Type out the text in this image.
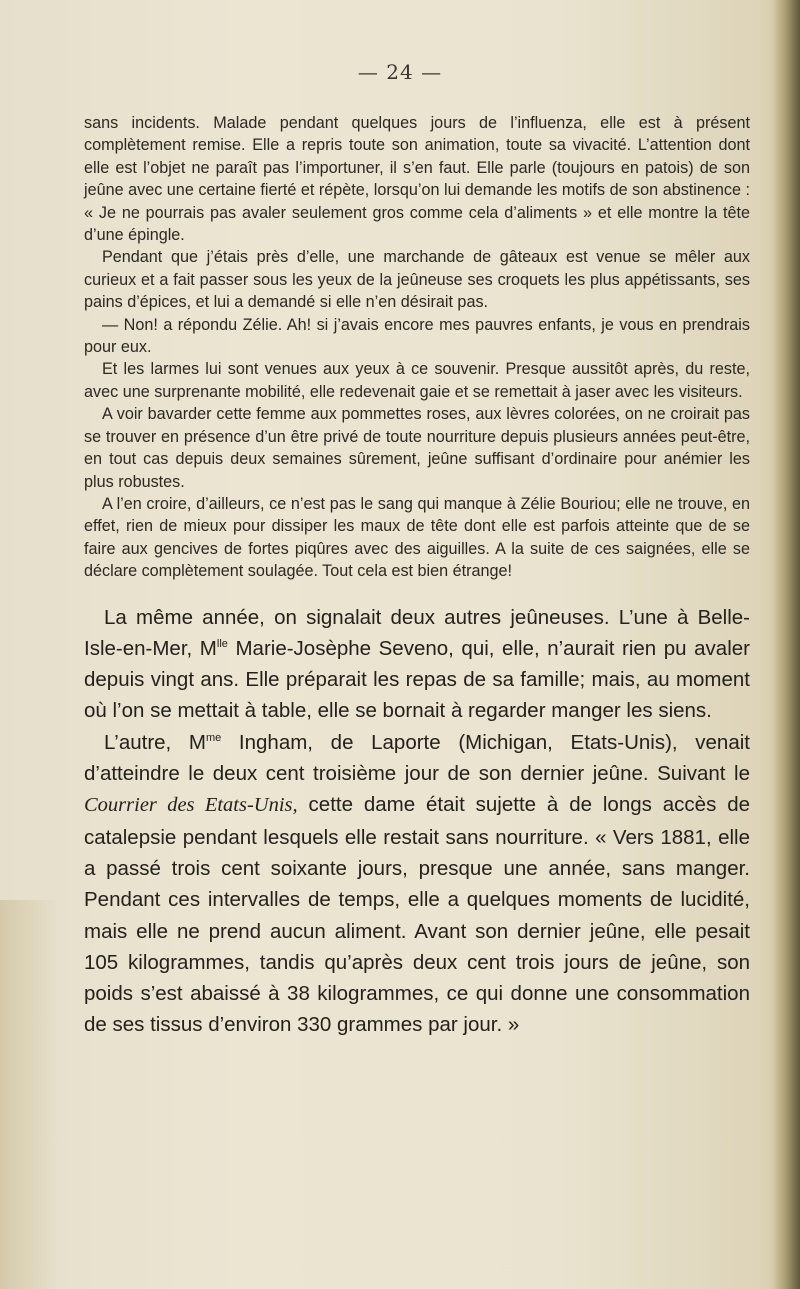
— 24 —

sans incidents. Malade pendant quelques jours de l’influenza, elle est à présent complètement remise. Elle a repris toute son animation, toute sa vivacité. L’attention dont elle est l’objet ne paraît pas l’importuner, il s’en faut. Elle parle (toujours en patois) de son jeûne avec une certaine fierté et répète, lorsqu’on lui demande les motifs de son abstinence : « Je ne pourrais pas avaler seulement gros comme cela d’aliments » et elle montre la tête d’une épingle.

Pendant que j’étais près d’elle, une marchande de gâteaux est venue se mêler aux curieux et a fait passer sous les yeux de la jeûneuse ses croquets les plus appétissants, ses pains d’épices, et lui a demandé si elle n’en désirait pas.

— Non! a répondu Zélie. Ah! si j’avais encore mes pauvres enfants, je vous en prendrais pour eux.

Et les larmes lui sont venues aux yeux à ce souvenir. Presque aussitôt après, du reste, avec une surprenante mobilité, elle redevenait gaie et se remettait à jaser avec les visiteurs.

A voir bavarder cette femme aux pommettes roses, aux lèvres colorées, on ne croirait pas se trouver en présence d’un être privé de toute nourriture depuis plusieurs années peut-être, en tout cas depuis deux semaines sûrement, jeûne suffisant d’ordinaire pour anémier les plus robustes.

A l’en croire, d’ailleurs, ce n’est pas le sang qui manque à Zélie Bouriou; elle ne trouve, en effet, rien de mieux pour dissiper les maux de tête dont elle est parfois atteinte que de se faire aux gencives de fortes piqûres avec des aiguilles. A la suite de ces saignées, elle se déclare complètement soulagée. Tout cela est bien étrange!

La même année, on signalait deux autres jeûneuses. L’une à Belle-Isle-en-Mer, $M^{lle}$ Marie-Josèphe Seveno, qui, elle, n’aurait rien pu avaler depuis vingt ans. Elle préparait les repas de sa famille; mais, au moment où l’on se mettait à table, elle se bornait à regarder manger les siens.

L’autre, $M^{me}$ Ingham, de Laporte (Michigan, Etats-Unis), venait d’atteindre le deux cent troisième jour de son dernier jeûne. Suivant le Courrier des Etats-Unis, cette dame était sujette à de longs accès de catalepsie pendant lesquels elle restait sans nourriture. « Vers 1881, elle a passé trois cent soixante jours, presque une année, sans manger. Pendant ces intervalles de temps, elle a quelques moments de lucidité, mais elle ne prend aucun aliment. Avant son dernier jeûne, elle pesait 105 kilogrammes, tandis qu’après deux cent trois jours de jeûne, son poids s’est abaissé à 38 kilogrammes, ce qui donne une consommation de ses tissus d’environ 330 grammes par jour. »
